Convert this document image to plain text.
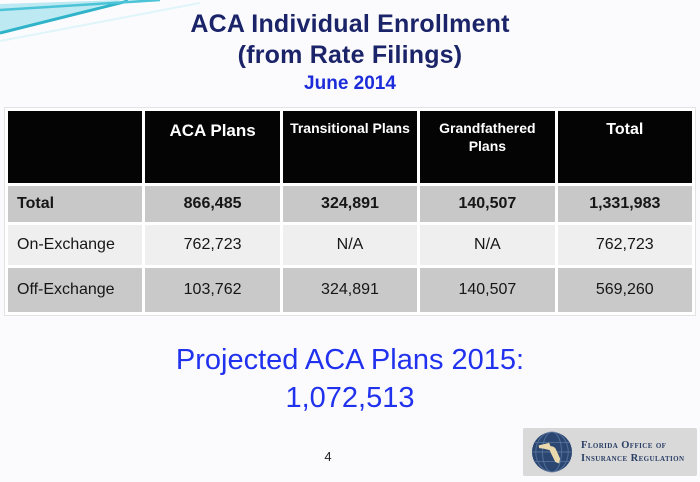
ACA Individual Enrollment
(from Rate Filings)
June 2014
	ACA Plans	Transitional Plans	Grandfathered Plans	Total
Total	866,485	324,891	140,507	1,331,983
On-Exchange	762,723	N/A	N/A	762,723
Off-Exchange	103,762	324,891	140,507	569,260
Projected ACA Plans 2015:
1,072,513
4
Florida Office of
Insurance Regulation
